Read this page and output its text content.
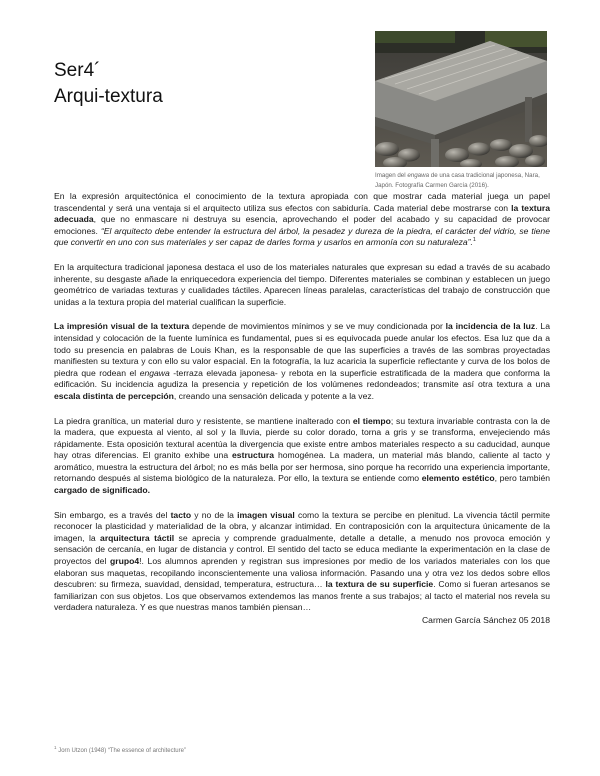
Ser4´
Arqui-textura
Imagen del engawa de una casa tradicional japonesa, Nara, Japón. Fotografía Carmen García (2016).

En la expresión arquitectónica el conocimiento de la textura apropiada con que mostrar cada material juega un papel trascendental y será una ventaja si el arquitecto utiliza sus efectos con sabiduría. Cada material debe mostrarse con la textura adecuada, que no enmascare ni destruya su esencia, aprovechando el poder del acabado y su capacidad de provocar emociones. “El arquitecto debe entender la estructura del árbol, la pesadez y dureza de la piedra, el carácter del vidrio, se tiene que convertir en uno con sus materiales y ser capaz de darles forma y usarlos en armonía con su naturaleza”.$^1$

En la arquitectura tradicional japonesa destaca el uso de los materiales naturales que expresan su edad a través de su acabado inherente, su desgaste añade la enriquecedora experiencia del tiempo. Diferentes materiales se combinan y establecen un juego geométrico de variadas texturas y cualidades táctiles. Aparecen líneas paralelas, características del trabajo de construcción que unidas a la textura propia del material cualifican la superficie.

La impresión visual de la textura depende de movimientos mínimos y se ve muy condicionada por la incidencia de la luz. La intensidad y colocación de la fuente lumínica es fundamental, pues si es equivocada puede anular los efectos. Esa luz que da a todo su presencia en palabras de Louis Khan, es la responsable de que las superficies a través de las sombras proyectadas manifiesten su textura y con ello su valor espacial. En la fotografía, la luz acaricia la superficie reflectante y curva de los bolos de piedra que rodean el engawa -terraza elevada japonesa- y rebota en la superficie estratificada de la madera que conforma la edificación. Su incidencia agudiza la presencia y repetición de los volúmenes redondeados; transmite así otra textura a una escala distinta de percepción, creando una sensación delicada y potente a la vez.

La piedra granítica, un material duro y resistente, se mantiene inalterado con el tiempo; su textura invariable contrasta con la de la madera, que expuesta al viento, al sol y la lluvia, pierde su color dorado, torna a gris y se transforma, envejeciendo más rápidamente. Esta oposición textural acentúa la divergencia que existe entre ambos materiales respecto a su caducidad, aunque hay otras diferencias. El granito exhibe una estructura homogénea. La madera, un material más blando, caliente al tacto y aromático, muestra la estructura del árbol; no es más bella por ser hermosa, sino porque ha recorrido una experiencia importante, retornando después al sistema biológico de la naturaleza. Por ello, la textura se entiende como elemento estético, pero también cargado de significado.

Sin embargo, es a través del tacto y no de la imagen visual como la textura se percibe en plenitud. La vivencia táctil permite reconocer la plasticidad y materialidad de la obra, y alcanzar intimidad. En contraposición con la arquitectura únicamente de la imagen, la arquitectura táctil se aprecia y comprende gradualmente, detalle a detalle, a menudo nos provoca emoción y sensación de cercanía, en lugar de distancia y control. El sentido del tacto se educa mediante la experimentación en la clase de proyectos del grupo4!. Los alumnos aprenden y registran sus impresiones por medio de los variados materiales con los que elaboran sus maquetas, recopilando inconscientemente una valiosa información. Pasando una y otra vez los dedos sobre ellos descubren: su firmeza, suavidad, densidad, temperatura, estructura… la textura de su superficie. Como si fueran artesanos se familiarizan con sus objetos. Los que observamos extendemos las manos frente a sus trabajos; al tacto el material nos revela su verdadera naturaleza. Y es que nuestras manos también piensan…

Carmen García Sánchez 05 2018
$^1$ Jorn Utzon (1948) “The essence of architecture”
